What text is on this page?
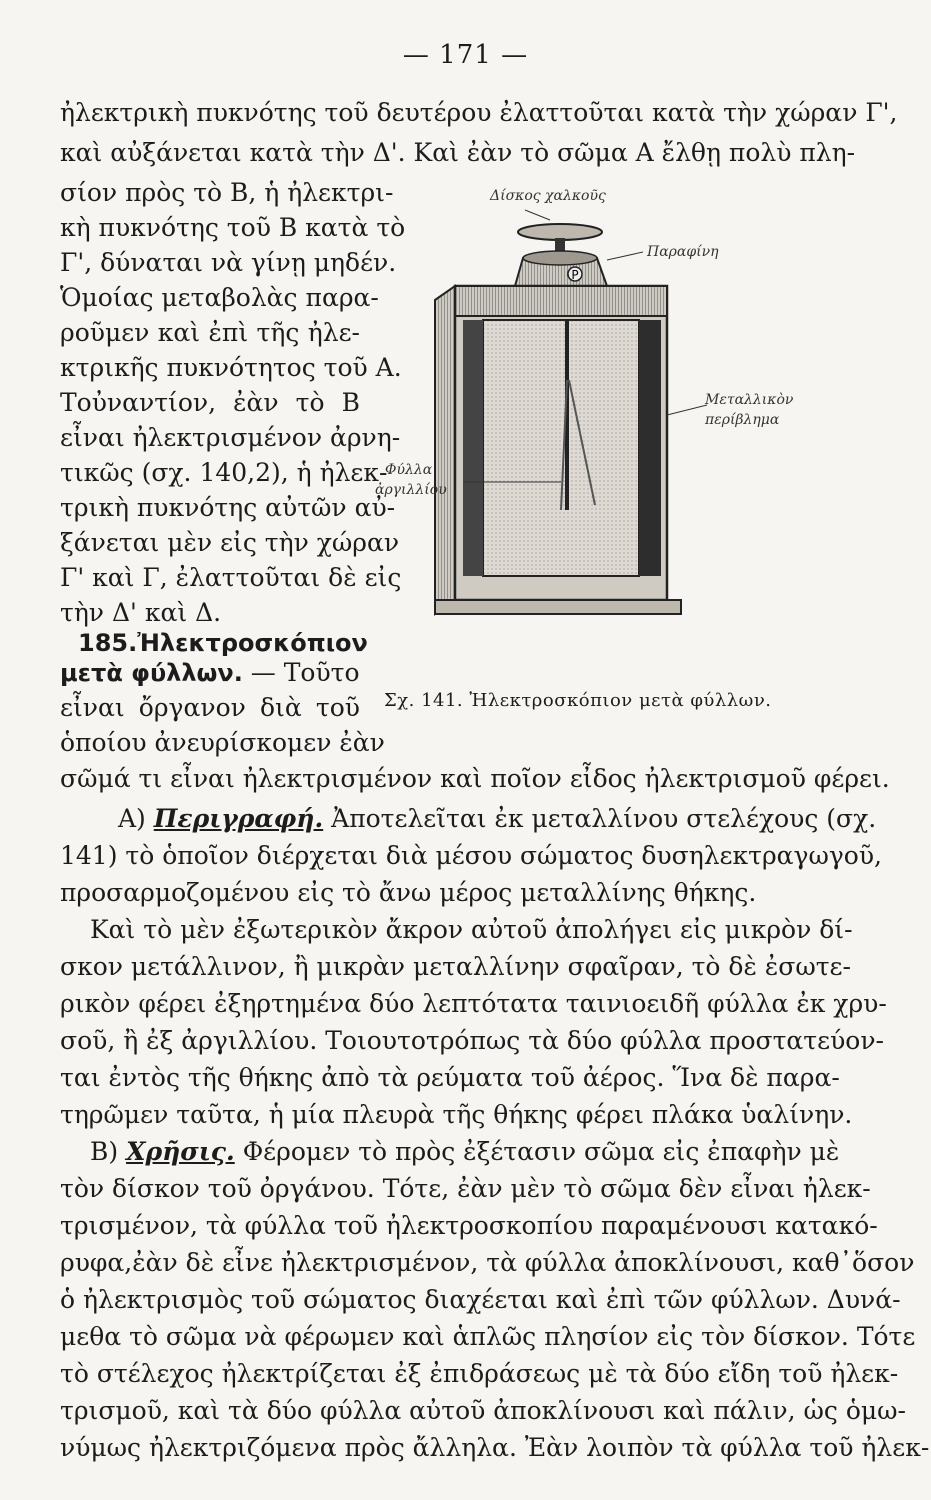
— 171 —
ἠλεκτρικὴ πυκνότης τοῦ δευτέρου ἐλαττοῦται κατὰ τὴν χώραν Γ',
καὶ αὐξάνεται κατὰ τὴν Δ'. Καὶ ἐὰν τὸ σῶμα Α ἔλθῃ πολὺ πλη-
σίον πρὸς τὸ Β, ἡ ἠλεκτρι-
κὴ πυκνότης τοῦ Β κατὰ τὸ
Γ', δύναται νὰ γίνῃ μηδέν.
Ὁμοίας μεταβολὰς παρα-
ροῦμεν καὶ ἐπὶ τῆς ἠλε-
κτρικῆς πυκνότητος τοῦ Α.
Τοὐναντίον, ἐὰν τὸ Β
εἶναι ἠλεκτρισμένον ἀρνη-
τικῶς (σχ. 140,2), ἡ ἠλεκ-
τρικὴ πυκνότης αὐτῶν αὐ-
ξάνεται μὲν εἰς τὴν χώραν
Γ' καὶ Γ, ἐλαττοῦται δὲ εἰς
τὴν Δ' καὶ Δ.
185.Ἠλεκτροσκόπιον
μετὰ φύλλων. — Τοῦτο
εἶναι ὄργανον διὰ τοῦ
ὁποίου ἀνευρίσκομεν ἐὰν
P
Δίσκος χαλκοῦς
Παραφίνη
Μεταλλικὸν
περίβλημα
Φύλλα
ἀργιλλίου
Σχ. 141. Ἠλεκτροσκόπιον μετὰ φύλλων.
σῶμά τι εἶναι ἠλεκτρισμένον καὶ ποῖον εἶδος ἠλεκτρισμοῦ φέρει.
Α) Περιγραφή. Ἀποτελεῖται ἐκ μεταλλίνου στελέχους (σχ.
141) τὸ ὁποῖον διέρχεται διὰ μέσου σώματος δυσηλεκτραγωγοῦ,
προσαρμοζομένου εἰς τὸ ἄνω μέρος μεταλλίνης θήκης.
Καὶ τὸ μὲν ἐξωτερικὸν ἄκρον αὐτοῦ ἀπολήγει εἰς μικρὸν δί-
σκον μετάλλινον, ἢ μικρὰν μεταλλίνην σφαῖραν, τὸ δὲ ἐσωτε-
ρικὸν φέρει ἐξηρτημένα δύο λεπτότατα ταινιοειδῆ φύλλα ἐκ χρυ-
σοῦ, ἢ ἐξ ἀργιλλίου. Τοιουτοτρόπως τὰ δύο φύλλα προστατεύον-
ται ἐντὸς τῆς θήκης ἀπὸ τὰ ρεύματα τοῦ ἀέρος. Ἵνα δὲ παρα-
τηρῶμεν ταῦτα, ἡ μία πλευρὰ τῆς θήκης φέρει πλάκα ὑαλίνην.
Β) Χρῆσις. Φέρομεν τὸ πρὸς ἐξέτασιν σῶμα εἰς ἐπαφὴν μὲ
τὸν δίσκον τοῦ ὀργάνου. Τότε, ἐὰν μὲν τὸ σῶμα δὲν εἶναι ἠλεκ-
τρισμένον, τὰ φύλλα τοῦ ἠλεκτροσκοπίου παραμένουσι κατακό-
ρυφα,ἐὰν δὲ εἶνε ἠλεκτρισμένον, τὰ φύλλα ἀποκλίνουσι, καθ᾽ὅσον
ὁ ἠλεκτρισμὸς τοῦ σώματος διαχέεται καὶ ἐπὶ τῶν φύλλων. Δυνά-
μεθα τὸ σῶμα νὰ φέρωμεν καὶ ἁπλῶς πλησίον εἰς τὸν δίσκον. Τότε
τὸ στέλεχος ἠλεκτρίζεται ἐξ ἐπιδράσεως μὲ τὰ δύο εἴδη τοῦ ἠλεκ-
τρισμοῦ, καὶ τὰ δύο φύλλα αὐτοῦ ἀποκλίνουσι καὶ πάλιν, ὡς ὁμω-
νύμως ἠλεκτριζόμενα πρὸς ἄλληλα. Ἐὰν λοιπὸν τὰ φύλλα τοῦ ἠλεκ-
